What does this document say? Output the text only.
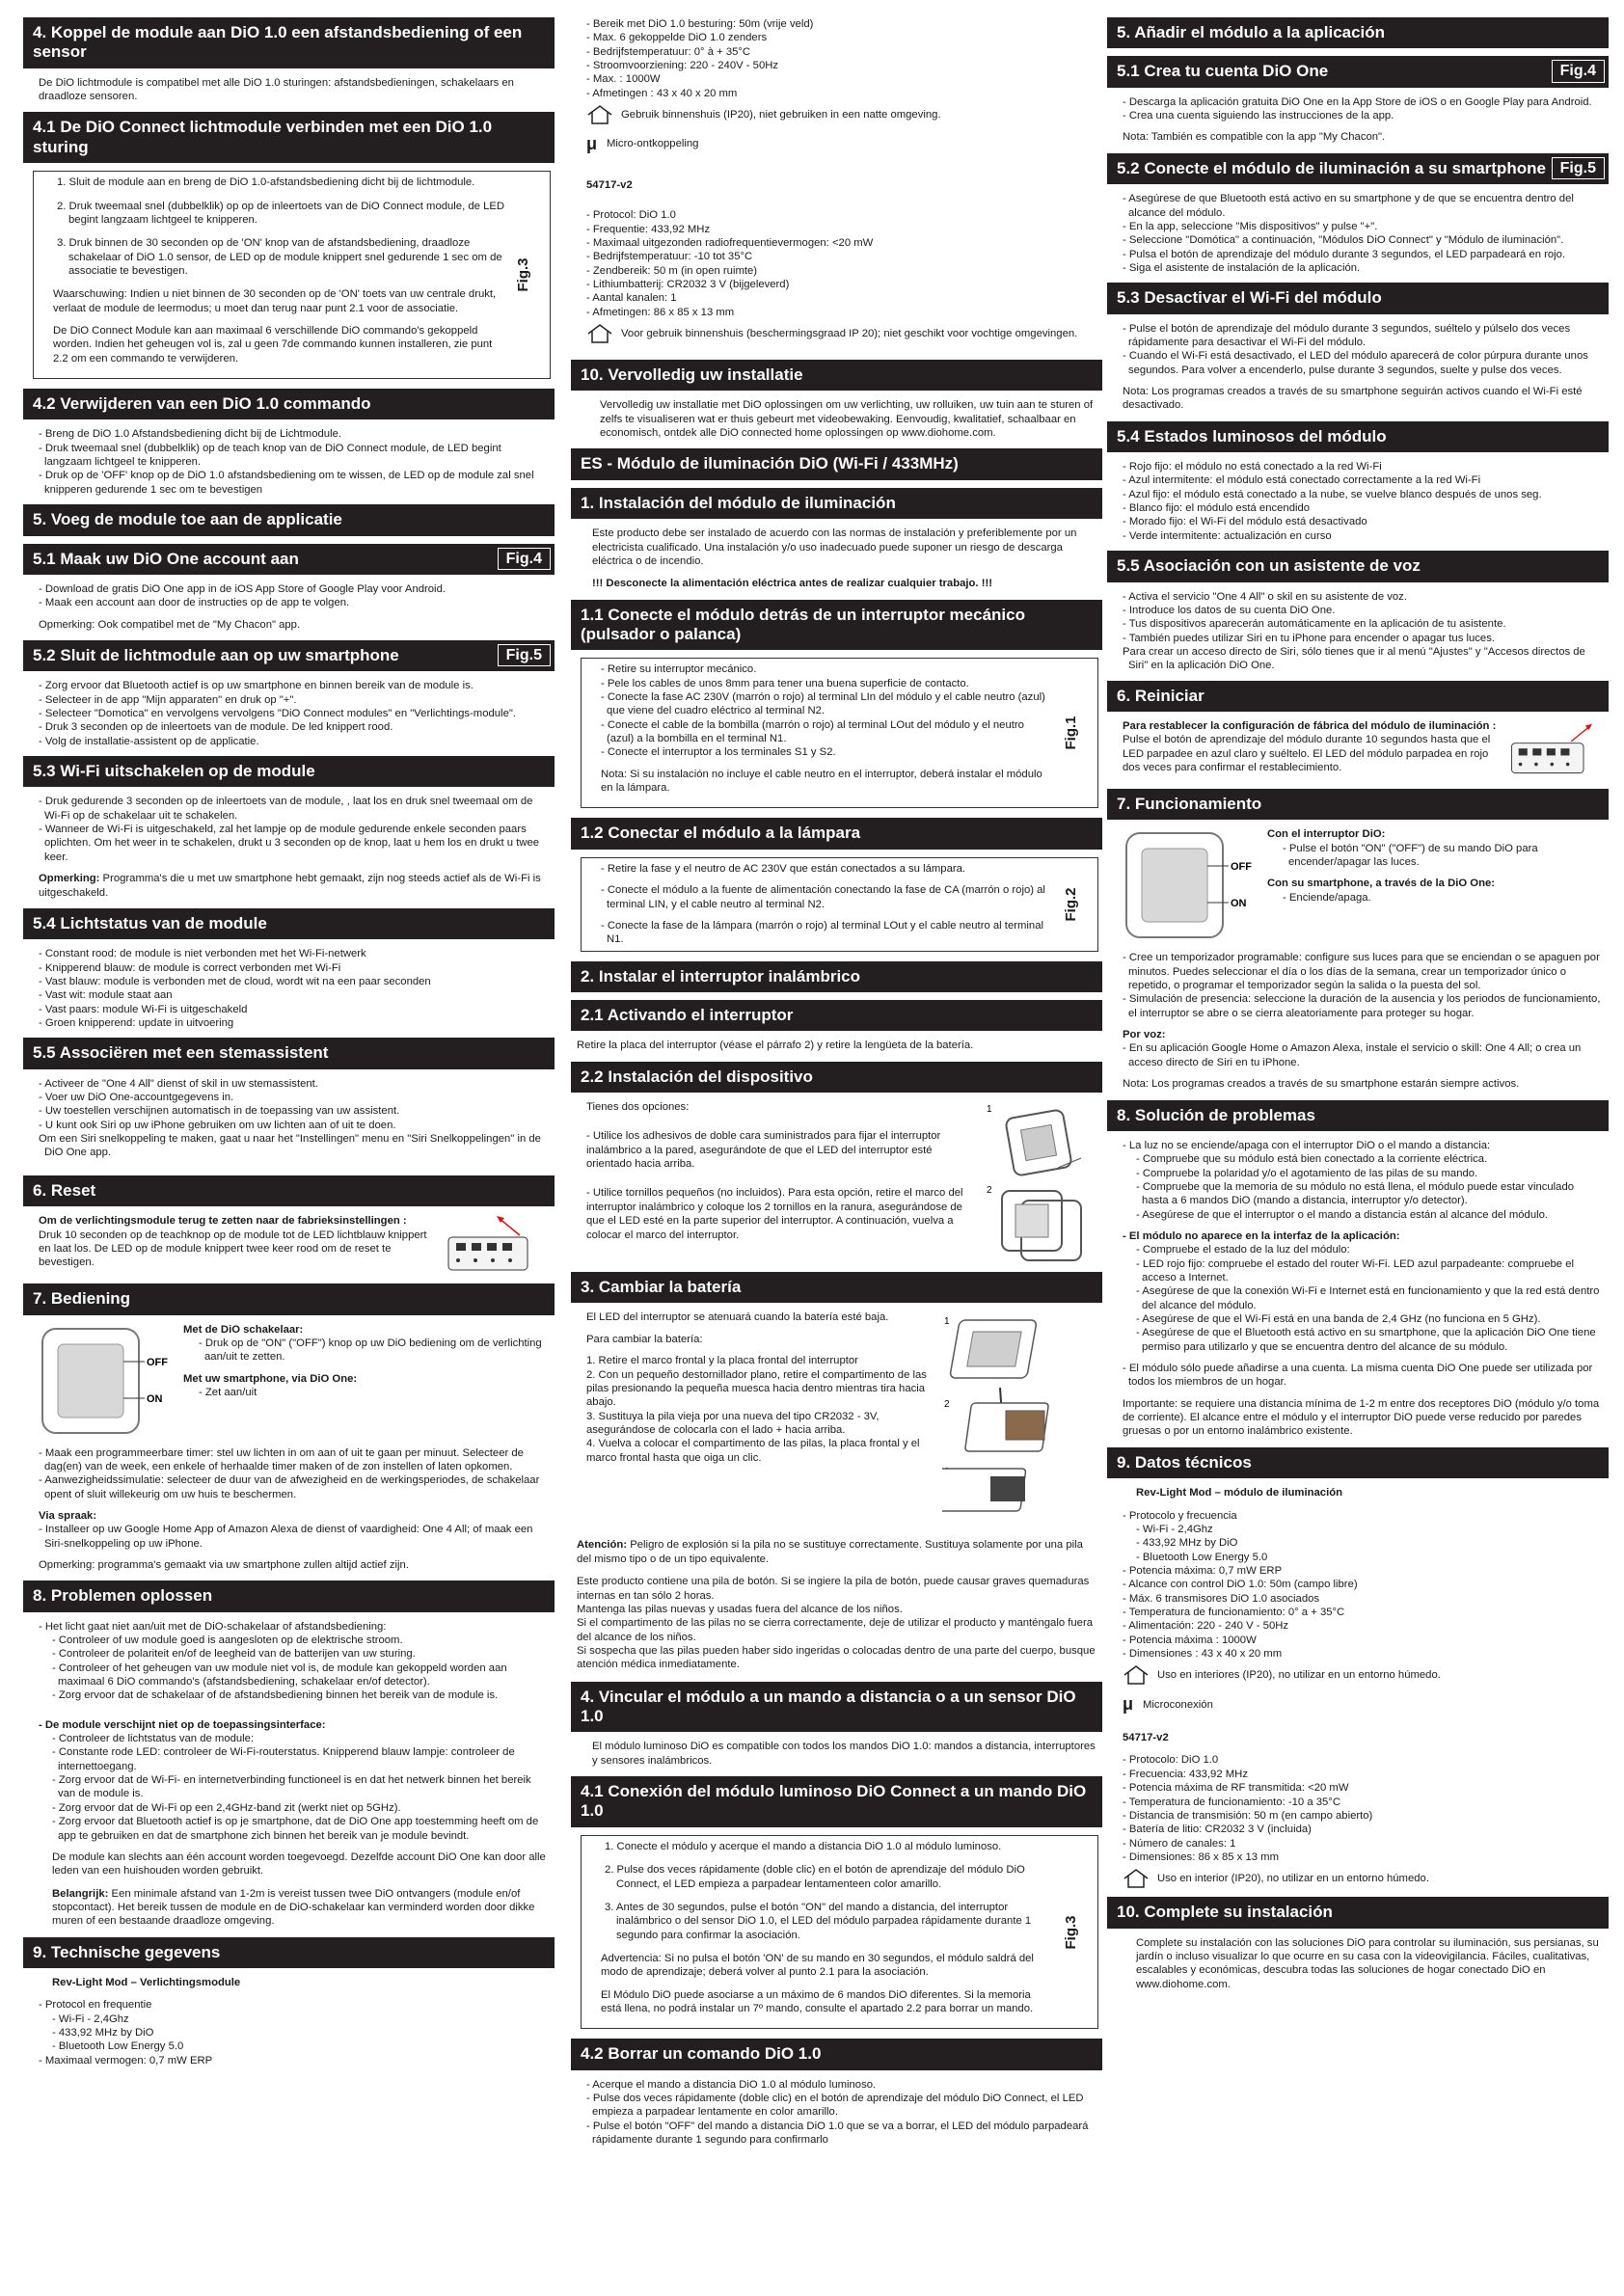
4. Koppel de module aan DiO 1.0 een afstandsbediening of een sensor
De DiO lichtmodule is compatibel met alle DiO 1.0 sturingen: afstandsbedieningen, schakelaars en draadloze sensoren.
4.1 De DiO Connect lichtmodule verbinden met een DiO 1.0 sturing
1. Sluit de module aan en breng de DiO 1.0-afstandsbediening dicht bij de lichtmodule.
2. Druk tweemaal snel (dubbelklik) op op de inleertoets van de DiO Connect module, de LED begint langzaam lichtgeel te knipperen.
3. Druk binnen de 30 seconden op de 'ON' knop van de afstandsbediening, draadloze schakelaar of DiO 1.0 sensor, de LED op de module knippert snel gedurende 1 sec om de associatie te bevestigen.
Waarschuwing: Indien u niet binnen de 30 seconden op de 'ON' toets van uw centrale drukt, verlaat de module de leermodus; u moet dan terug naar punt 2.1 voor de associatie.
De DiO Connect Module kan aan maximaal 6 verschillende DiO commando's gekoppeld worden. Indien het geheugen vol is, zal u geen 7de commando kunnen installeren, zie punt 2.2 om een commando te verwijderen.
Fig.3
4.2 Verwijderen van een DiO 1.0 commando
- Breng de DiO 1.0 Afstandsbediening dicht bij de Lichtmodule.
- Druk tweemaal snel (dubbelklik) op de teach knop van de DiO Connect module, de LED begint langzaam lichtgeel te knipperen.
- Druk op de 'OFF' knop op de DiO 1.0 afstandsbediening om te wissen, de LED op de module zal snel knipperen gedurende 1 sec om te bevestigen
5. Voeg de module toe aan de applicatie
5.1 Maak uw DiO One account aan	Fig.4
- Download de gratis DiO One app in de iOS App Store of Google Play voor Android.
- Maak een account aan door de instructies op de app te volgen.
Opmerking: Ook compatibel met de "My Chacon" app.
5.2 Sluit de lichtmodule aan op uw smartphone	Fig.5
- Zorg ervoor dat Bluetooth actief is op uw smartphone en binnen bereik van de module is.
- Selecteer in de app "Mijn apparaten" en druk op "+".
- Selecteer "Domotica" en vervolgens vervolgens "DiO Connect modules" en "Verlichtings-module".
- Druk 3 seconden op de inleertoets van de module. De led knippert rood.
- Volg de installatie-assistent op de applicatie.
5.3 Wi-Fi uitschakelen op de module
- Druk gedurende 3 seconden op de inleertoets van de module, , laat los en druk snel tweemaal om de Wi-Fi op de schakelaar uit te schakelen.
- Wanneer de Wi-Fi is uitgeschakeld, zal het lampje op de module gedurende enkele seconden paars oplichten. Om het weer in te schakelen, drukt u 3 seconden op de knop, laat u hem los en drukt u twee keer.
Opmerking: Programma's die u met uw smartphone hebt gemaakt, zijn nog steeds actief als de Wi-Fi is uitgeschakeld.
5.4 Lichtstatus van de module
- Constant rood: de module is niet verbonden met het Wi-Fi-netwerk
- Knipperend blauw: de module is correct verbonden met Wi-Fi
- Vast blauw: module is verbonden met de cloud, wordt wit na een paar seconden
- Vast wit: module staat aan
- Vast paars: module Wi-Fi is uitgeschakeld
- Groen knipperend: update in uitvoering
5.5 Associëren met een stemassistent
- Activeer de "One 4 All" dienst of skil in uw stemassistent.
- Voer uw DiO One-accountgegevens in.
- Uw toestellen verschijnen automatisch in de toepassing van uw assistent.
- U kunt ook Siri op uw iPhone gebruiken om uw lichten aan of uit te doen.
Om een Siri snelkoppeling te maken, gaat u naar het "Instellingen" menu en "Siri Snelkoppelingen" in de DiO One app.
6. Reset
Om de verlichtingsmodule terug te zetten naar de fabrieksinstellingen :
Druk 10 seconden op de teachknop op de module tot de LED lichtblauw knippert en laat los. De LED op de module knippert twee keer rood om de reset te bevestigen.
7. Bediening
OFF
ON
Met de DiO schakelaar:
- Druk op de "ON" ("OFF") knop op uw DiO bediening om de verlichting aan/uit te zetten.
Met uw smartphone, via DiO One:
- Zet aan/uit
- Maak een programmeerbare timer: stel uw lichten in om aan of uit te gaan per minuut. Selecteer de dag(en) van de week, een enkele of herhaalde timer maken of de zon instellen of laten opkomen.
- Aanwezigheidssimulatie: selecteer de duur van de afwezigheid en de werkingsperiodes, de schakelaar opent of sluit willekeurig om uw huis te beschermen.
Via spraak:
- Installeer op uw Google Home App of Amazon Alexa de dienst of vaardigheid: One 4 All; of maak een Siri-snelkoppeling op uw iPhone.
Opmerking: programma's gemaakt via uw smartphone zullen altijd actief zijn.
8. Problemen oplossen
- Het licht gaat niet aan/uit met de DiO-schakelaar of afstandsbediening:
- Controleer of uw module goed is aangesloten op de elektrische stroom.
- Controleer de polariteit en/of de leegheid van de batterijen van uw sturing.
- Controleer of het geheugen van uw module niet vol is, de module kan gekoppeld worden aan maximaal 6 DiO commando's (afstandsbediening, schakelaar en/of detector).
- Zorg ervoor dat de schakelaar of de afstandsbediening binnen het bereik van de module is.
- De module verschijnt niet op de toepassingsinterface:
- Controleer de lichtstatus van de module:
- Constante rode LED: controleer de Wi-Fi-routerstatus. Knipperend blauw lampje: controleer de internettoegang.
- Zorg ervoor dat de Wi-Fi- en internetverbinding functioneel is en dat het netwerk binnen het bereik van de module is.
- Zorg ervoor dat de Wi-Fi op een 2,4GHz-band zit (werkt niet op 5GHz).
- Zorg ervoor dat Bluetooth actief is op je smartphone, dat de DiO One app toestemming heeft om de app te gebruiken en dat de smartphone zich binnen het bereik van je module bevindt.
De module kan slechts aan één account worden toegevoegd. Dezelfde account DiO One kan door alle leden van een huishouden worden gebruikt.
Belangrijk: Een minimale afstand van 1-2m is vereist tussen twee DiO ontvangers (module en/of stopcontact). Het bereik tussen de module en de DiO-schakelaar kan verminderd worden door dikke muren of een bestaande draadloze omgeving.
9. Technische gegevens
Rev-Light Mod – Verlichtingsmodule
- Protocol en frequentie
- Wi-Fi - 2,4Ghz
- 433,92 MHz by DiO
- Bluetooth Low Energy 5.0
- Maximaal vermogen: 0,7 mW ERP
- Bereik met DiO 1.0 besturing: 50m (vrije veld)
- Max. 6 gekoppelde DiO 1.0 zenders
- Bedrijfstemperatuur: 0° à + 35°C
- Stroomvoorziening: 220 - 240V - 50Hz
- Max. : 1000W
- Afmetingen : 43 x 40 x 20 mm
Gebruik binnenshuis (IP20), niet gebruiken in een natte omgeving.
μ Micro-ontkoppeling
54717-v2
- Protocol: DiO 1.0
- Frequentie: 433,92 MHz
- Maximaal uitgezonden radiofrequentievermogen: <20 mW
- Bedrijfstemperatuur: -10 tot 35°C
- Zendbereik: 50 m (in open ruimte)
- Lithiumbatterij: CR2032 3 V (bijgeleverd)
- Aantal kanalen: 1
- Afmetingen: 86 x 85 x 13 mm
Voor gebruik binnenshuis (beschermingsgraad IP 20); niet geschikt voor vochtige omgevingen.
10. Vervolledig uw installatie
Vervolledig uw installatie met DiO oplossingen om uw verlichting, uw rolluiken, uw tuin aan te sturen of zelfs te visualiseren wat er thuis gebeurt met videobewaking. Eenvoudig, kwalitatief, schaalbaar en economisch, ontdek alle DiO connected home oplossingen op www.diohome.com.
ES - Módulo de iluminación DiO (Wi-Fi / 433MHz)
1. Instalación del módulo de iluminación
Este producto debe ser instalado de acuerdo con las normas de instalación y preferiblemente por un electricista cualificado. Una instalación y/o uso inadecuado puede suponer un riesgo de descarga eléctrica o de incendio.
!!! Desconecte la alimentación eléctrica antes de realizar cualquier trabajo. !!!
1.1 Conecte el módulo detrás de un interruptor mecánico (pulsador o palanca)
- Retire su interruptor mecánico.
- Pele los cables de unos 8mm para tener una buena superficie de contacto.
- Conecte la fase AC 230V (marrón o rojo) al terminal LIn del módulo y el cable neutro (azul) que viene del cuadro eléctrico al terminal N2.
- Conecte el cable de la bombilla (marrón o rojo) al terminal LOut del módulo y el neutro (azul) a la bombilla en el terminal N1.
- Conecte el interruptor a los terminales S1 y S2.
Nota: Si su instalación no incluye el cable neutro en el interruptor, deberá instalar el módulo en la lámpara.
Fig.1
1.2 Conectar el módulo a la lámpara
- Retire la fase y el neutro de AC 230V que están conectados a su lámpara.
- Conecte el módulo a la fuente de alimentación conectando la fase de CA (marrón o rojo) al terminal LIN, y el cable neutro al terminal N2.
- Conecte la fase de la lámpara (marrón o rojo) al terminal LOut y el cable neutro al terminal N1.
Fig.2
2. Instalar el interruptor inalámbrico
2.1 Activando el interruptor
Retire la placa del interruptor (véase el párrafo 2) y retire la lengüeta de la batería.
2.2 Instalación del dispositivo
Tienes dos opciones:
- Utilice los adhesivos de doble cara suministrados para fijar el interruptor inalámbrico a la pared, asegurándote de que el LED del interruptor esté orientado hacia arriba.
- Utilice tornillos pequeños (no incluidos). Para esta opción, retire el marco del interruptor inalámbrico y coloque los 2 tornillos en la ranura, asegurándose de que el LED esté en la parte superior del interruptor. A continuación, vuelva a colocar el marco del interruptor.
1
2
3. Cambiar la batería
El LED del interruptor se atenuará cuando la batería esté baja.
Para cambiar la batería:
1. Retire el marco frontal y la placa frontal del interruptor
2. Con un pequeño destornillador plano, retire el compartimento de las pilas presionando la pequeña muesca hacia dentro mientras tira hacia abajo.
3. Sustituya la pila vieja por una nueva del tipo CR2032 - 3V, asegurándose de colocarla con el lado + hacia arriba.
4. Vuelva a colocar el compartimento de las pilas, la placa frontal y el marco frontal hasta que oiga un clic.
1
2
Atención: Peligro de explosión si la pila no se sustituye correctamente. Sustituya solamente por una pila del mismo tipo o de un tipo equivalente.
Este producto contiene una pila de botón. Si se ingiere la pila de botón, puede causar graves quemaduras internas en tan sólo 2 horas.
Mantenga las pilas nuevas y usadas fuera del alcance de los niños.
Si el compartimento de las pilas no se cierra correctamente, deje de utilizar el producto y manténgalo fuera del alcance de los niños.
Si sospecha que las pilas pueden haber sido ingeridas o colocadas dentro de una parte del cuerpo, busque atención médica inmediatamente.
4. Vincular el módulo a un mando a distancia o a un sensor DiO 1.0
El módulo luminoso DiO es compatible con todos los mandos DiO 1.0: mandos a distancia, interruptores y sensores inalámbricos.
4.1 Conexión del módulo luminoso DiO Connect a un mando DiO 1.0
1. Conecte el módulo y acerque el mando a distancia DiO 1.0 al módulo luminoso.
2. Pulse dos veces rápidamente (doble clic) en el botón de aprendizaje del módulo DiO Connect, el LED empieza a parpadear lentamenteen color amarillo.
3. Antes de 30 segundos, pulse el botón "ON" del mando a distancia, del interruptor inalámbrico o del sensor DiO 1.0, el LED del módulo parpadea rápidamente durante 1 segundo para confirmar la asociación.
Advertencia: Si no pulsa el botón 'ON' de su mando en 30 segundos, el módulo saldrá del modo de aprendizaje; deberá volver al punto 2.1 para la asociación.
El Módulo DiO puede asociarse a un máximo de 6 mandos DiO diferentes. Si la memoria está llena, no podrá instalar un 7º mando, consulte el apartado 2.2 para borrar un mando.
Fig.3
4.2 Borrar un comando DiO 1.0
- Acerque el mando a distancia DiO 1.0 al módulo luminoso.
- Pulse dos veces rápidamente (doble clic) en el botón de aprendizaje del módulo DiO Connect, el LED empieza a parpadear lentamente en color amarillo.
- Pulse el botón "OFF" del mando a distancia DiO 1.0 que se va a borrar, el LED del módulo parpadeará rápidamente durante 1 segundo para confirmarlo
5. Añadir el módulo a la aplicación
5.1 Crea tu cuenta DiO One	Fig.4
- Descarga la aplicación gratuita DiO One en la App Store de iOS o en Google Play para Android.
- Crea una cuenta siguiendo las instrucciones de la app.
Nota: También es compatible con la app "My Chacon".
5.2 Conecte el módulo de iluminación a su smartphone Fig.5
- Asegúrese de que Bluetooth está activo en su smartphone y de que se encuentra dentro del alcance del módulo.
- En la app, seleccione "Mis dispositivos" y pulse "+".
- Seleccione "Domótica" a continuación, "Módulos DiO Connect" y "Módulo de iluminación".
- Pulsa el botón de aprendizaje del módulo durante 3 segundos, el LED parpadeará en rojo.
- Siga el asistente de instalación de la aplicación.
5.3 Desactivar el Wi-Fi del módulo
- Pulse el botón de aprendizaje del módulo durante 3 segundos, suéltelo y púlselo dos veces rápidamente para desactivar el Wi-Fi del módulo.
- Cuando el Wi-Fi está desactivado, el LED del módulo aparecerá de color púrpura durante unos segundos. Para volver a encenderlo, pulse durante 3 segundos, suelte y pulse dos veces.
Nota: Los programas creados a través de su smartphone seguirán activos cuando el Wi-Fi esté desactivado.
5.4 Estados luminosos del módulo
- Rojo fijo: el módulo no está conectado a la red Wi-Fi
- Azul intermitente: el módulo está conectado correctamente a la red Wi-Fi
- Azul fijo: el módulo está conectado a la nube, se vuelve blanco después de unos seg.
- Blanco fijo: el módulo está encendido
- Morado fijo: el Wi-Fi del módulo está desactivado
- Verde intermitente: actualización en curso
5.5 Asociación con un asistente de voz
- Activa el servicio "One 4 All" o skil en su asistente de voz.
- Introduce los datos de su cuenta DiO One.
- Tus dispositivos aparecerán automáticamente en la aplicación de tu asistente.
- También puedes utilizar Siri en tu iPhone para encender o apagar tus luces.
Para crear un acceso directo de Siri, sólo tienes que ir al menú "Ajustes" y "Accesos directos de Siri" en la aplicación DiO One.
6. Reiniciar
Para restablecer la configuración de fábrica del módulo de iluminación :
Pulse el botón de aprendizaje del módulo durante 10 segundos hasta que el LED parpadee en azul claro y suéltelo. El LED del módulo parpadea en rojo dos veces para confirmar el restablecimiento.
7. Funcionamiento
OFF
ON
Con el interruptor DiO:
- Pulse el botón "ON" ("OFF") de su mando DiO para encender/apagar las luces.
Con su smartphone, a través de la DiO One:
- Enciende/apaga.
- Cree un temporizador programable: configure sus luces para que se enciendan o se apaguen por minutos. Puedes seleccionar el día o los días de la semana, crear un temporizador único o repetido, o programar el temporizador según la salida o la puesta del sol.
- Simulación de presencia: seleccione la duración de la ausencia y los periodos de funcionamiento, el interruptor se abre o se cierra aleatoriamente para proteger su hogar.
Por voz:
- En su aplicación Google Home o Amazon Alexa, instale el servicio o skill: One 4 All; o crea un acceso directo de Siri en tu iPhone.
Nota: Los programas creados a través de su smartphone estarán siempre activos.
8. Solución de problemas
- La luz no se enciende/apaga con el interruptor DiO o el mando a distancia:
- Compruebe que su módulo está bien conectado a la corriente eléctrica.
- Compruebe la polaridad y/o el agotamiento de las pilas de su mando.
- Compruebe que la memoria de su módulo no está llena, el módulo puede estar vinculado hasta a 6 mandos DiO (mando a distancia, interruptor y/o detector).
- Asegúrese de que el interruptor o el mando a distancia están al alcance del módulo.
- El módulo no aparece en la interfaz de la aplicación:
- Compruebe el estado de la luz del módulo:
- LED rojo fijo: compruebe el estado del router Wi-Fi. LED azul parpadeante: compruebe el acceso a Internet.
- Asegúrese de que la conexión Wi-Fi e Internet está en funcionamiento y que la red está dentro del alcance del módulo.
- Asegúrese de que el Wi-Fi está en una banda de 2,4 GHz (no funciona en 5 GHz).
- Asegúrese de que el Bluetooth está activo en su smartphone, que la aplicación DiO One tiene permiso para utilizarlo y que se encuentra dentro del alcance de su módulo.
- El módulo sólo puede añadirse a una cuenta. La misma cuenta DiO One puede ser utilizada por todos los miembros de un hogar.
Importante: se requiere una distancia mínima de 1-2 m entre dos receptores DiO (módulo y/o toma de corriente). El alcance entre el módulo y el interruptor DiO puede verse reducido por paredes gruesas o por un entorno inalámbrico existente.
9. Datos técnicos
Rev-Light Mod – módulo de iluminación
- Protocolo y frecuencia
- Wi-Fi - 2,4Ghz
- 433,92 MHz by DiO
- Bluetooth Low Energy 5.0
- Potencia máxima: 0,7 mW ERP
- Alcance con control DiO 1.0: 50m (campo libre)
- Máx. 6 transmisores DiO 1.0 asociados
- Temperatura de funcionamiento: 0° a + 35°C
- Alimentación: 220 - 240 V - 50Hz
- Potencia máxima : 1000W
- Dimensiones : 43 x 40 x 20 mm
Uso en interiores (IP20), no utilizar en un entorno húmedo.
μ Microconexión
54717-v2
- Protocolo: DiO 1.0
- Frecuencia: 433,92 MHz
- Potencia máxima de RF transmitida: <20 mW
- Temperatura de funcionamiento: -10 a 35°C
- Distancia de transmisión: 50 m (en campo abierto)
- Batería de litio: CR2032 3 V (incluida)
- Número de canales: 1
- Dimensiones: 86 x 85 x 13 mm
Uso en interior (IP20), no utilizar en un entorno húmedo.
10. Complete su instalación
Complete su instalación con las soluciones DiO para controlar su iluminación, sus persianas, su jardín o incluso visualizar lo que ocurre en su casa con la videovigilancia. Fáciles, cualitativas, escalables y económicas, descubra todas las soluciones de hogar conectado DiO en www.diohome.com.
